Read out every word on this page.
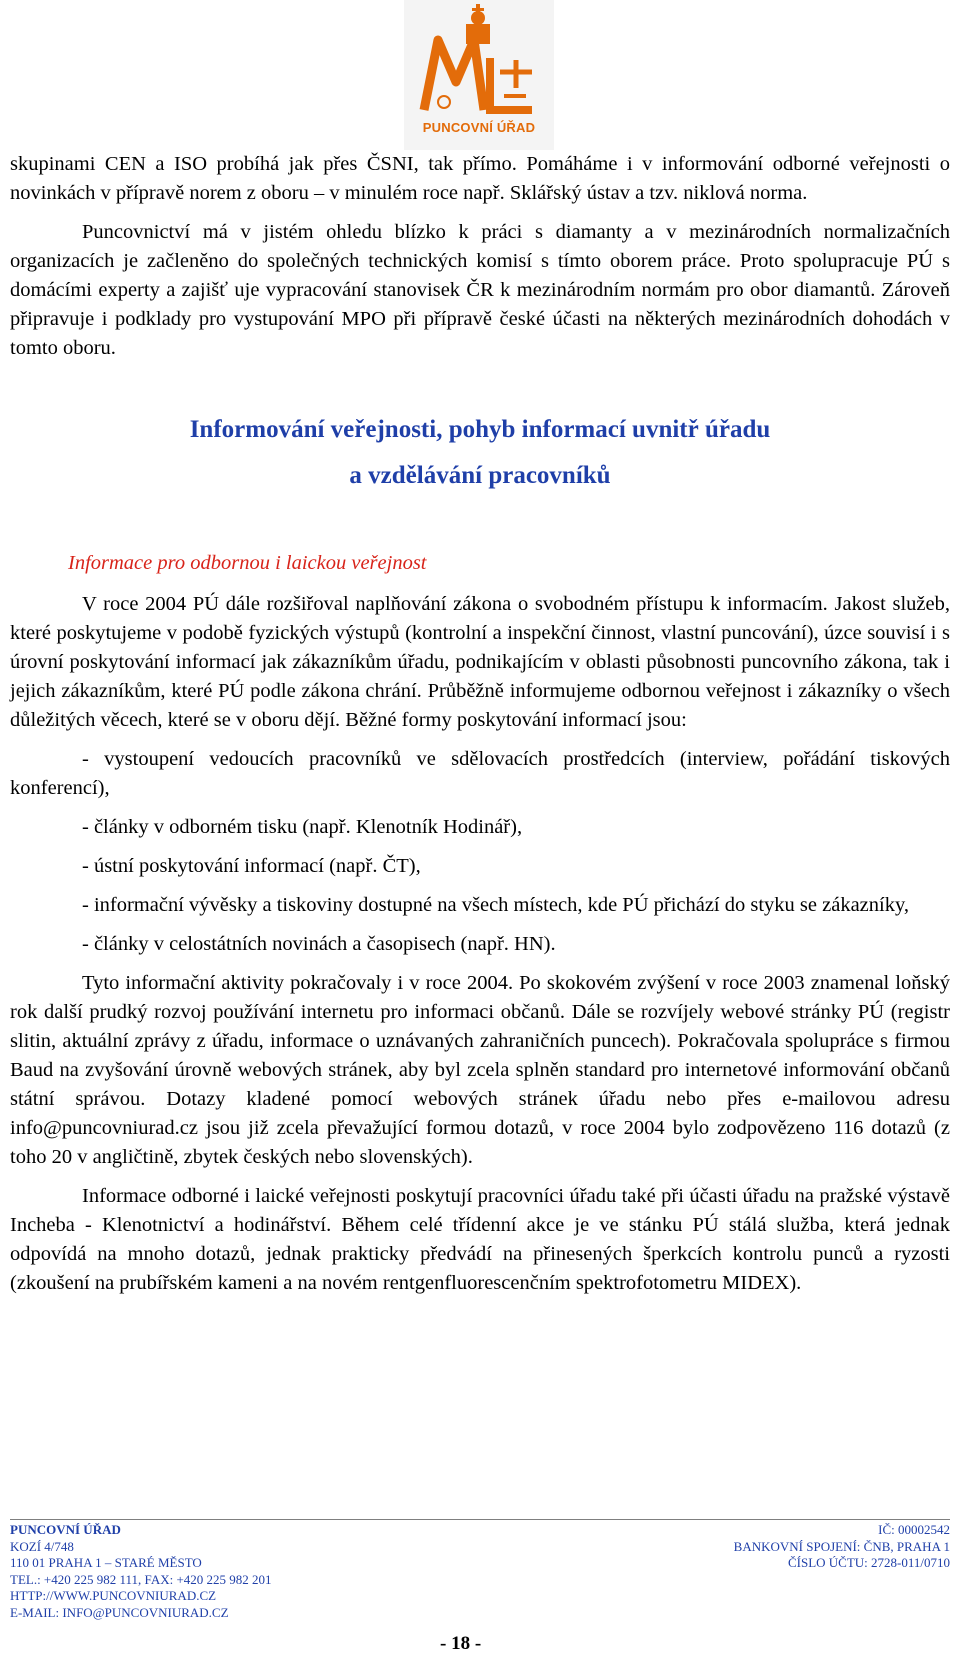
PUNCOVNÍ ÚŘAD

skupinami CEN a ISO probíhá jak přes ČSNI, tak přímo. Pomáháme i v informování odborné veřejnosti o novinkách v přípravě norem z oboru – v minulém roce např. Sklářský ústav a tzv. niklová norma.

Puncovnictví má v jistém ohledu blízko k práci s diamanty a v mezinárodních normalizačních organizacích je začleněno do společných technických komisí s tímto oborem práce. Proto spolupracuje PÚ s domácími experty a zajišť uje vypracování stanovisek ČR k mezinárodním normám pro obor diamantů. Zároveň připravuje i podklady pro vystupování MPO při přípravě české účasti na některých mezinárodních dohodách v tomto oboru.

Informování veřejnosti, pohyb informací uvnitř úřadu
a vzdělávání pracovníků
Informace pro odbornou i laickou veřejnost

V roce 2004 PÚ dále rozšiřoval naplňování zákona o svobodném přístupu k informacím. Jakost služeb, které poskytujeme v podobě fyzických výstupů (kontrolní a inspekční činnost, vlastní puncování), úzce souvisí i s úrovní poskytování informací jak zákazníkům úřadu, podnikajícím v oblasti působnosti puncovního zákona, tak i jejich zákazníkům, které PÚ podle zákona chrání. Průběžně informujeme odbornou veřejnost i zákazníky o všech důležitých věcech, které se v oboru dějí. Běžné formy poskytování informací jsou:

- vystoupení vedoucích pracovníků ve sdělovacích prostředcích (interview, pořádání tiskových konferencí),

- články v odborném tisku (např. Klenotník Hodinář),

- ústní poskytování informací (např. ČT),

- informační vývěsky a tiskoviny dostupné na všech místech, kde PÚ přichází do styku se zákazníky,

- články v celostátních novinách a časopisech (např. HN).

Tyto informační aktivity pokračovaly i v roce 2004. Po skokovém zvýšení v roce 2003 znamenal loňský rok další prudký rozvoj používání internetu pro informaci občanů. Dále se rozvíjely webové stránky PÚ (registr slitin, aktuální zprávy z úřadu, informace o uznávaných zahraničních puncech). Pokračovala spolupráce s firmou Baud na zvyšování úrovně webových stránek, aby byl zcela splněn standard pro internetové informování občanů státní správou. Dotazy kladené pomocí webových stránek úřadu nebo přes e-mailovou adresu info@puncovniurad.cz jsou již zcela převažující formou dotazů, v roce 2004 bylo zodpovězeno 116 dotazů (z toho 20 v angličtině, zbytek českých nebo slovenských).

Informace odborné i laické veřejnosti poskytují pracovníci úřadu také při účasti úřadu na pražské výstavě Incheba - Klenotnictví a hodinářství. Během celé třídenní akce je ve stánku PÚ stálá služba, která jednak odpovídá na mnoho dotazů, jednak prakticky předvádí na přinesených šperkcích kontrolu punců a ryzosti (zkoušení na prubířském kameni a na novém rentgenfluorescenčním spektrofotometru MIDEX).

PUNCOVNÍ ÚŘAD
KOZÍ 4/748
110 01 PRAHA 1 – STARÉ MĚSTO
TEL.: +420 225 982 111, FAX: +420 225 982 201
HTTP://WWW.PUNCOVNIURAD.CZ
E-MAIL: INFO@PUNCOVNIURAD.CZ
IČ: 00002542
BANKOVNÍ SPOJENÍ: ČNB, PRAHA 1
ČÍSLO ÚČTU: 2728-011/0710
- 18 -
